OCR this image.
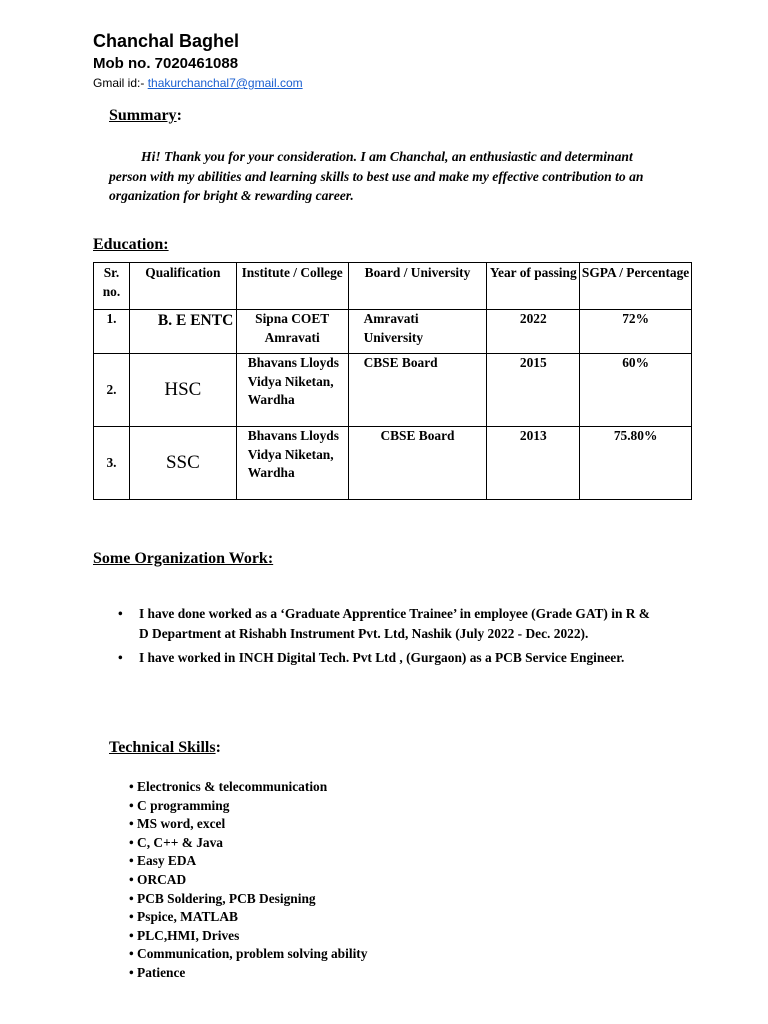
Chanchal Baghel
Mob no. 7020461088
Gmail id:- thakurchanchal7@gmail.com
Summary:
Hi! Thank you for your consideration. I am Chanchal, an enthusiastic and determinant person with my abilities and learning skills to best use and make my effective contribution to an organization for bright & rewarding career.
Education:
Sr. no.	Qualification	Institute / College	Board / University	Year of passing	SGPA / Percentage
1.	B. E ENTC	Sipna COET Amravati	Amravati University	2022	72%
2.	HSC	Bhavans Lloyds Vidya Niketan, Wardha	CBSE Board	2015	60%
3.	SSC	Bhavans Lloyds Vidya Niketan, Wardha	CBSE Board	2013	75.80%
Some Organization Work:
• I have done worked as a ‘Graduate Apprentice Trainee’ in employee (Grade GAT) in R & D Department at Rishabh Instrument Pvt. Ltd, Nashik (July 2022 - Dec. 2022).
• I have worked in INCH Digital Tech. Pvt Ltd , (Gurgaon) as a PCB Service Engineer.
Technical Skills:
• Electronics & telecommunication
• C programming
• MS word, excel
• C, C++ & Java
• Easy EDA
• ORCAD
• PCB Soldering, PCB Designing
• Pspice, MATLAB
• PLC,HMI, Drives
• Communication, problem solving ability
• Patience
